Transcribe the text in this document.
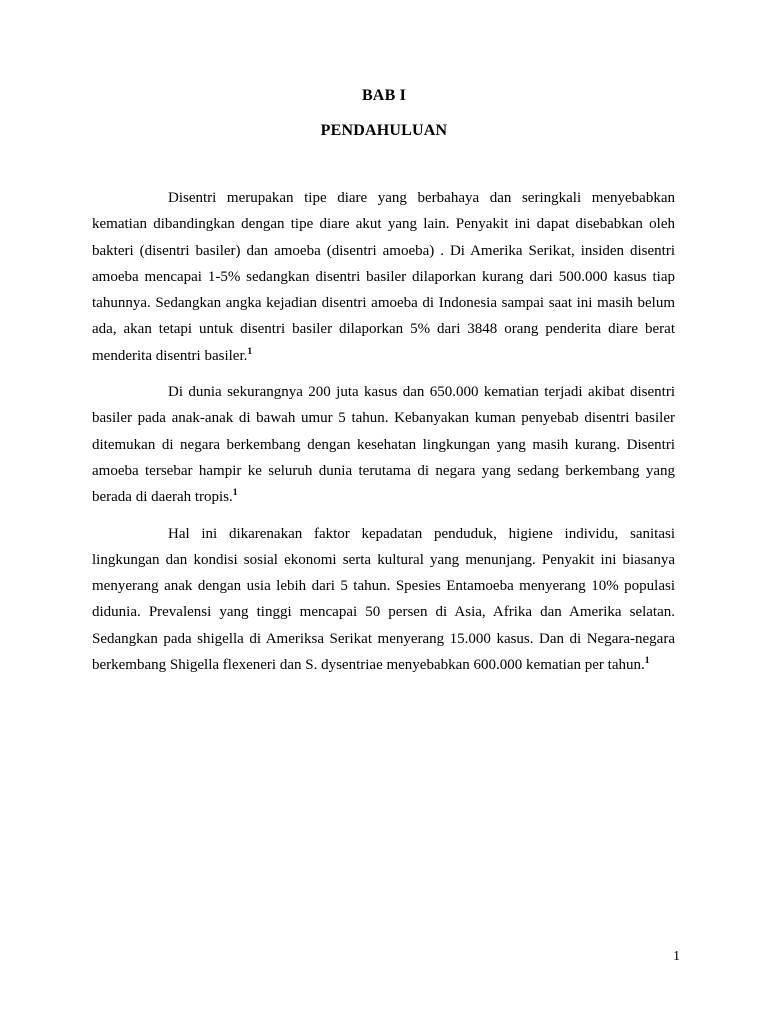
BAB I
PENDAHULUAN

Disentri merupakan tipe diare yang berbahaya dan seringkali menyebabkan kematian dibandingkan dengan tipe diare akut yang lain. Penyakit ini dapat disebabkan oleh bakteri (disentri basiler) dan amoeba (disentri amoeba) . Di Amerika Serikat, insiden disentri amoeba mencapai 1-5% sedangkan disentri basiler dilaporkan kurang dari 500.000 kasus tiap tahunnya. Sedangkan angka kejadian disentri amoeba di Indonesia sampai saat ini masih belum ada, akan tetapi untuk disentri basiler dilaporkan 5% dari 3848 orang penderita diare berat menderita disentri basiler.$^1$

Di dunia sekurangnya 200 juta kasus dan 650.000 kematian terjadi akibat disentri basiler pada anak-anak di bawah umur 5 tahun. Kebanyakan kuman penyebab disentri basiler ditemukan di negara berkembang dengan kesehatan lingkungan yang masih kurang. Disentri amoeba tersebar hampir ke seluruh dunia terutama di negara yang sedang berkembang yang berada di daerah tropis.$^1$

Hal ini dikarenakan faktor kepadatan penduduk, higiene individu, sanitasi lingkungan dan kondisi sosial ekonomi serta kultural yang menunjang. Penyakit ini biasanya menyerang anak dengan usia lebih dari 5 tahun. Spesies Entamoeba menyerang 10% populasi didunia. Prevalensi yang tinggi mencapai 50 persen di Asia, Afrika dan Amerika selatan. Sedangkan pada shigella di Ameriksa Serikat menyerang 15.000 kasus. Dan di Negara-negara berkembang Shigella flexeneri dan S. dysentriae menyebabkan 600.000 kematian per tahun.$^1$

1
